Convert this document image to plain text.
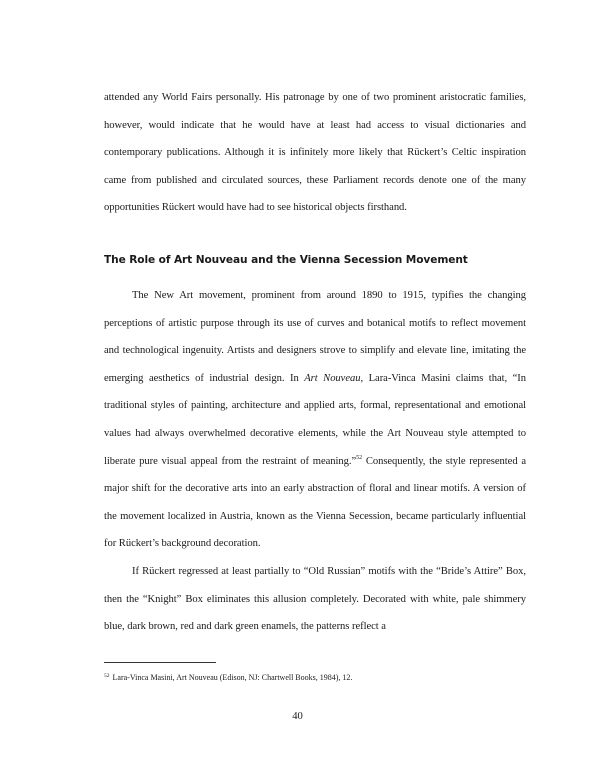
attended any World Fairs personally. His patronage by one of two prominent aristocratic families, however, would indicate that he would have at least had access to visual dictionaries and contemporary publications. Although it is infinitely more likely that Rückert’s Celtic inspiration came from published and circulated sources, these Parliament records denote one of the many opportunities Rückert would have had to see historical objects firsthand.

The Role of Art Nouveau and the Vienna Secession Movement

The New Art movement, prominent from around 1890 to 1915, typifies the changing perceptions of artistic purpose through its use of curves and botanical motifs to reflect movement and technological ingenuity. Artists and designers strove to simplify and elevate line, imitating the emerging aesthetics of industrial design. In Art Nouveau, Lara-Vinca Masini claims that, “In traditional styles of painting, architecture and applied arts, formal, representational and emotional values had always overwhelmed decorative elements, while the Art Nouveau style attempted to liberate pure visual appeal from the restraint of meaning.”$^{52}$ Consequently, the style represented a major shift for the decorative arts into an early abstraction of floral and linear motifs. A version of the movement localized in Austria, known as the Vienna Secession, became particularly influential for Rückert’s background decoration.

If Rückert regressed at least partially to “Old Russian” motifs with the “Bride’s Attire” Box, then the “Knight” Box eliminates this allusion completely. Decorated with white, pale shimmery blue, dark brown, red and dark green enamels, the patterns reflect a

$^{52}$ Lara-Vinca Masini, Art Nouveau (Edison, NJ: Chartwell Books, 1984), 12.
40
